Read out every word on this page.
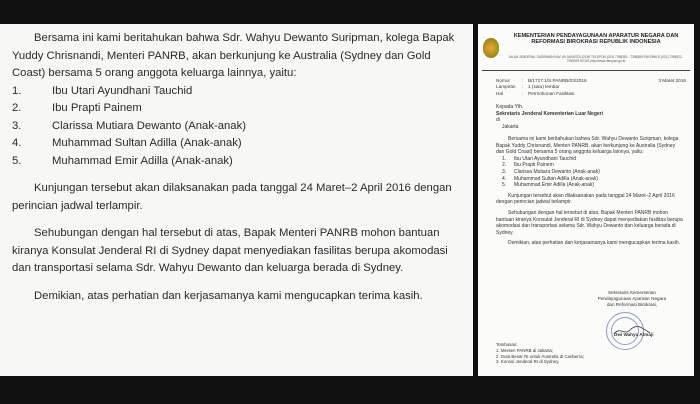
Bersama ini kami beritahukan bahwa Sdr. Wahyu Dewanto Suripman, kolega Bapak Yuddy Chrisnandi, Menteri PANRB, akan berkunjung ke Australia (Sydney dan Gold Coast) bersama 5 orang anggota keluarga lainnya, yaitu:

1.	Ibu Utari Ayundhani Tauchid
2.	Ibu Prapti Painem
3.	Clarissa Mutiara Dewanto (Anak-anak)
4.	Muhammad Sultan Adilla (Anak-anak)
5.	Muhammad Emir Adilla (Anak-anak)

Kunjungan tersebut akan dilaksanakan pada tanggal 24 Maret–2 April 2016 dengan perincian jadwal terlampir.

Sehubungan dengan hal tersebut di atas, Bapak Menteri PANRB mohon bantuan kiranya Konsulat Jenderal RI di Sydney dapat menyediakan fasilitas berupa akomodasi dan transportasi selama Sdr. Wahyu Dewanto dan keluarga berada di Sydney.

Demikian, atas perhatian dan kerjasamanya kami mengucapkan terima kasih.

KEMENTERIAN PENDAYAGUNAAN APARATUR NEGARA DAN REFORMASI BIROKRASI REPUBLIK INDONESIA
JALAN JENDERAL SUDIRMAN KAV. 69 JAKARTA 12190 TELEPON (021) 7398381 - 7398389 FAKSIMILE (021) 7398322 - 7398329 SITUS http://www.menpan.go.id
Nomor	: B/1717.1/S.PANRB/03/2016
Lampiran	: 1 (satu) lembar
Hal	: Permohonan Fasilitasi
3 Maret 2016

Kepada Yth.

Sekretaris Jenderal Kementerian Luar Negeri

di

Jakarta

Bersama ini kami beritahukan bahwa Sdr. Wahyu Dewanto Suripman, kolega Bapak Yuddy Chrisnandi, Menteri PANRB, akan berkunjung ke Australia (Sydney dan Gold Coast) bersama 5 orang anggota keluarga lainnya, yaitu:

1.	Ibu Utari Ayundhani Tauchid
2.	Ibu Prapti Painem
3.	Clarissa Mutiara Dewanto (Anak-anak)
4.	Muhammad Sultan Adilla (Anak-anak)
5.	Muhammad Emir Adilla (Anak-anak)

Kunjungan tersebut akan dilaksanakan pada tanggal 24 Maret–2 April 2016 dengan perincian jadwal terlampir.

Sehubungan dengan hal tersebut di atas, Bapak Menteri PANRB mohon bantuan kiranya Konsulat Jenderal RI di Sydney dapat menyediakan fasilitas berupa akomodasi dan transportasi selama Sdr. Wahyu Dewanto dan keluarga berada di Sydney.

Demikian, atas perhatian dan kerjasamanya kami mengucapkan terima kasih.

Sekretaris Kementerian
Pendayagunaan Aparatur Negara
dan Reformasi Birokrasi,
Dwi Wahyu Atmaji
Tembusan:
1. Menteri PANRB di Jakarta;
2. Duta Besar RI untuk Australia di Canberra;
3. Konsul Jenderal RI di Sydney.
